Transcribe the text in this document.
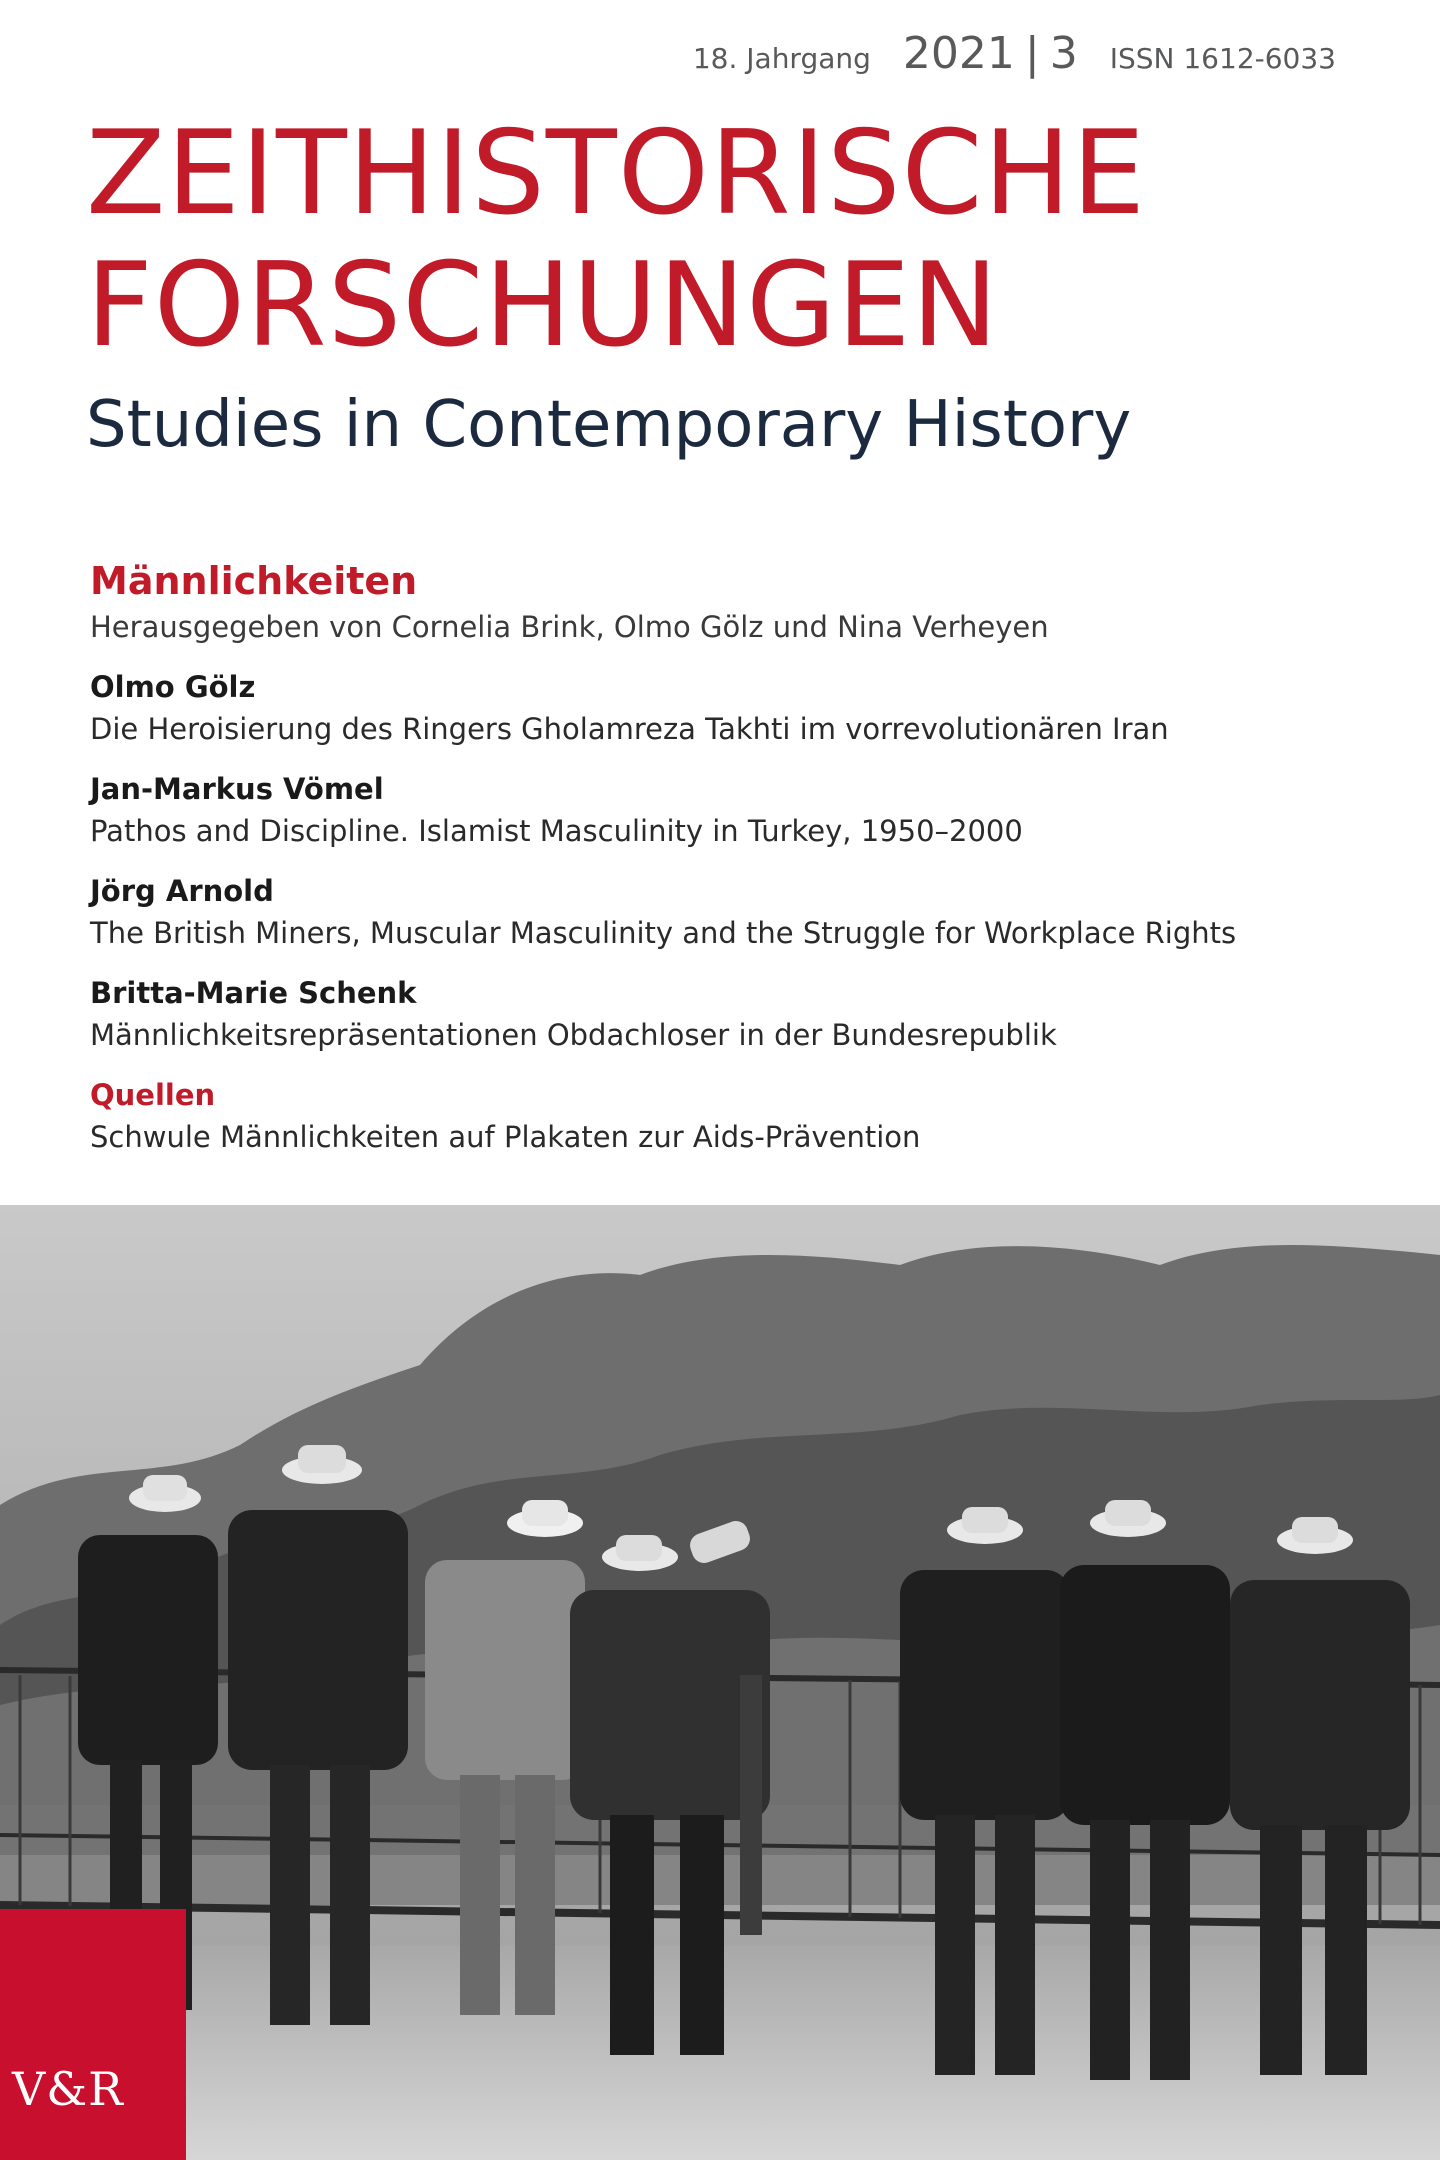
18. Jahrgang 2021 | 3 ISSN 1612-6033
ZEITHISTORISCHE
FORSCHUNGEN
Studies in Contemporary History

Männlichkeiten

Herausgegeben von Cornelia Brink, Olmo Gölz und Nina Verheyen

Olmo Gölz
Die Heroisierung des Ringers Gholamreza Takhti im vorrevolutionären Iran
Jan-Markus Vömel
Pathos and Discipline. Islamist Masculinity in Turkey, 1950–2000
Jörg Arnold
The British Miners, Muscular Masculinity and the Struggle for Workplace Rights
Britta-Marie Schenk
Männlichkeitsrepräsentationen Obdachloser in der Bundesrepublik
Quellen
Schwule Männlichkeiten auf Plakaten zur Aids-Prävention
V&R
